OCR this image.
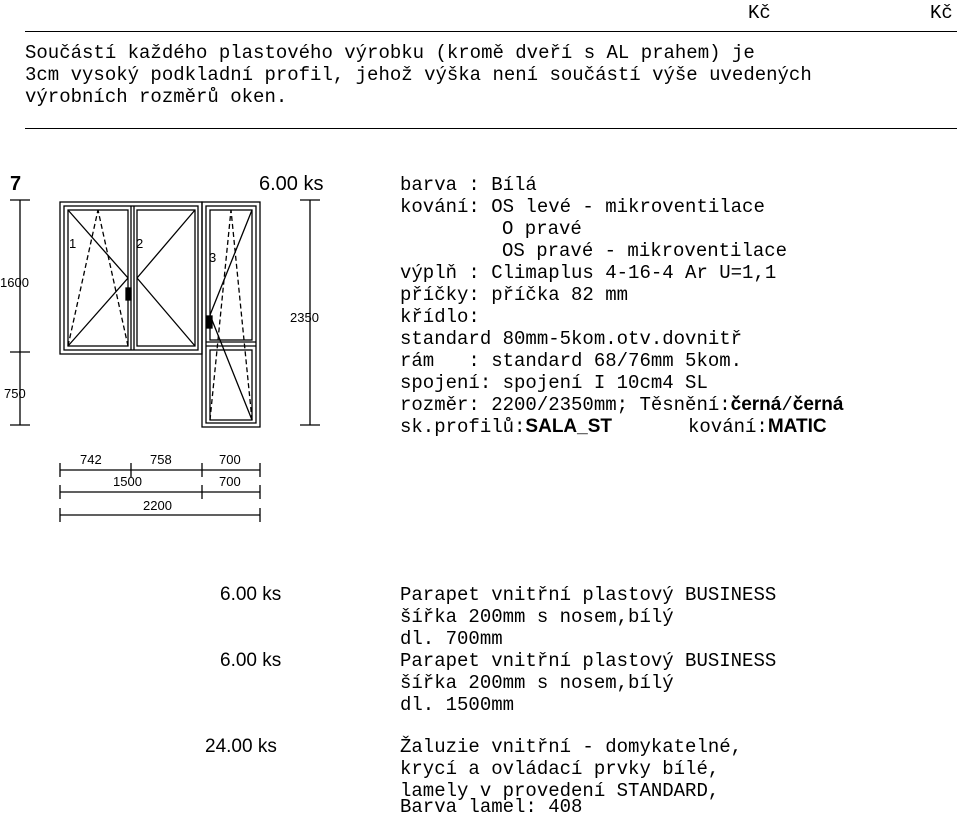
Kč	Kč
Součástí každého plastového výrobku (kromě dveří s AL prahem) je
3cm vysoký podkladní profil, jehož výška není součástí výše uvedených
výrobních rozměrů oken.
7	6.00 ks	barva : Bílá
kování: OS levé - mikroventilace
O pravé
OS pravé - mikroventilace
výplň : Climaplus 4-16-4 Ar U=1,1
příčky: příčka 82 mm
křídlo:
standard 80mm-5kom.otv.dovnitř
rám   : standard 68/76mm 5kom.
spojení: spojení I 10cm4 SL
rozměr: 2200/2350mm; Těsnění:černá/černá
sk.profilů:SALA_ST	kování:MATIC
1	2
3
1600
750
2350
742	758	700
1500	700
2200
6.00 ks	Parapet vnitřní plastový BUSINESS
šířka 200mm s nosem,bílý
dl. 700mm
6.00 ks	Parapet vnitřní plastový BUSINESS
šířka 200mm s nosem,bílý
dl. 1500mm
24.00 ks	Žaluzie vnitřní - domykatelné,
krycí a ovládací prvky bílé,
lamely v provedení STANDARD,
Barva lamel: 408
